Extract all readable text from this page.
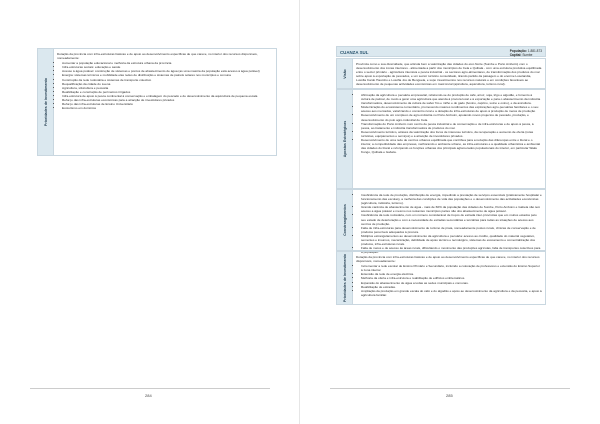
Prioridades de Investimento

Dotação da província com infra-estruturas básicas e de apoio ao desenvolvimento específicas de que carece, no interior dos recursos disponíveis, nomeadamente:

• Aumentar a população educacional e melhoria da estrutura urbana da província
• Infra-estruturas sociais: educação e saúde
• Acesso à água potável: construção de sistemas e pontos de abastecimento de água (as uma maioria da população está acesso à água potável)
• Energia: sistemas térmicos e mobilidade elas redes de distribuição e sistemas de painéis solares nos municípios e comuna
• Construção da rede rodoviária e sistemas de transporte colectivo
• Requalificação da cidade do Luena
• Agricultura, silvicultura e pecuária
• Reabilitação e construção de perímetros irrigados
• Infra-estrutura de apoio à pesca continental à conservação e embalagem do pescado e de desenvolvimento da aquicultura de pequena escala
• Reforço das infra-estruturas económicas para a atracção de investidores privados
• Reforço das infra-estruturas de Ensino Universitário
• Ecoturismo em domínios
284
CUANZA SUL	População: 1.881.873
Capital: Sumbe
Visão

Província como e sua diversidade, que articula bem a valorização das cidades do eixo Norte (Sumbe e Porto Amboim) com o desenvolvimento dos zonas interiores - alimentada a partir dos municípios de Cela e Quibala - com uma estrutura produtiva equilibrada entre o sector primário - agricultura intensiva e pesca industrial - os sectores agro-alimentares, de transformação dos produtos do mar sobre apoio à exportação de pescados, e um sector turístico consolidado, tirando partido da paisagem e do enorme Lusolandia, Lusófia Cardo Haumbo e Lusófia Jos de Benguela, e sopo investimentos nos recursos naturais e em condições favoráveis ao desenvolvimento de pequenas actividades económicas em macrorural (apicultura, aquicultura, turismo rural).

Apostas Estratégicas
• Afirmação da agricultura e pecuária empresarial, refazendo-se do produção de café, arroz, soja, trigo e algodão, e fomento à cultura de palmar, de modo a gerar uma agricultura que atenda à procura local e à exportação e para o abastecimento da indústria transformadora, desenvolvimento da cultura de sabor frio e milho e do gado (bovino, caprino, suíno e ovino), e da avicultura.
• Modernização do ecossistema comunitário, promovendo maiores rendimentos das explorações agro-pecuárias familiares e o seu acesso aos mercados, valorizando o comércio rural e a dotação de infra-estruturas de apoio à produção de meios de produção
• Desenvolvimento de um complexo de agro-indústria no Porto Amboim, apoiando novos projectos de pescado, produção, e desenvolvimento do polo agro-industrial de Cela.
• Transformação do Porto Amboim num centro de pesca industrial e de conservação e de infra-estruturas e de apoio à pesca, à pesca, ao tratamento e indústria transformadora de produtos do mar.
• Desenvolvimento turístico, através da valorização dos focos de interesse turístico, da recuperação e aumento de oferta (rotas turísticas, equipamentos e serviços) e a atracção de investidores privados.
• Desenvolvimento de uma rede de centros urbanos equilibrada que contribua para a redução das diferenças entre o litoral e o interior, a competitividade das empresas, melhorando o ambiente urbano, as infra-estruturas e a qualidade urbanística e ambiental das cidades do litoral e reforçando os funções urbanas dos principais aglomerados populacionais do interior, em particular Waku Kungo, Quibala e Gabela.
Constrangimentos
• Insuficiência da rede de produção, distribuição de energia, impedindo a prestação de serviços essenciais (praticamente hospitalar e funcionamento das escolas), a melhoria das condições de vida das populações e o desenvolvimento das actividades económicas (agricultura, indústria, turismo).
• Grande carência de abastecimento de água - mais de 60% da população das cidades de Sumbe, Porto Amboim e Gabela não tem acesso a água potável e mesmo nos restantes municípios partes não dos abastecimento de água potável.
• Insuficiência da rede rodoviária, com um número considerável de troços de estrada inter-províncias que em muitos estados pelo seu estado de deterioração e com a necessidade de estradas secundárias e terciárias para todas as situações de acesso aos centros de produção.
• Falta de infra-estruturas para desenvolvimento de turismo de praia, nomeadamente postos rurais, clínicas de conservação e de produtos perecíveis adequados à procura.
• Múltiplos estrangulamentos ao desenvolvimento da agricultura e pecuária: acesso ao crédito, qualidade do material vegetativo, sementes e insumos, mecanização, debilidade de apoio técnico e tecnológico, sistemas de escoamento e comercialização dos produtos, infra-estruturas rurais.
• Falta de meios e de acesso às áreas rurais, dificultando o movimento das produções agrícolas, falta de transportes colectivos para a população.
Prioridades de Investimento	Dotação da província com infra-estruturas básicas e de apoio ao desenvolvimento específicas de que carece, no interior dos recursos disponíveis, nomeadamente:

• Incrementar a rede escolar de Ensino Primário e Secundário, incluindo a colocação de professores e extensão do Ensino Superior à zona interior.
• Extensão da rede de energia eléctrica.
• Melhoria da oferta e infra-estrutura e reabilitação de edifícios emblemáticos.
• Expansão do abastecimento de água a todas as sedes municipais e comunas.
• Reabilitação de estradas.
• Ampliação da produção em grande escala do café e do algodão e apoio ao desenvolvimento da agricultura e da pecuária, e apoio à agricultura familiar.
285
